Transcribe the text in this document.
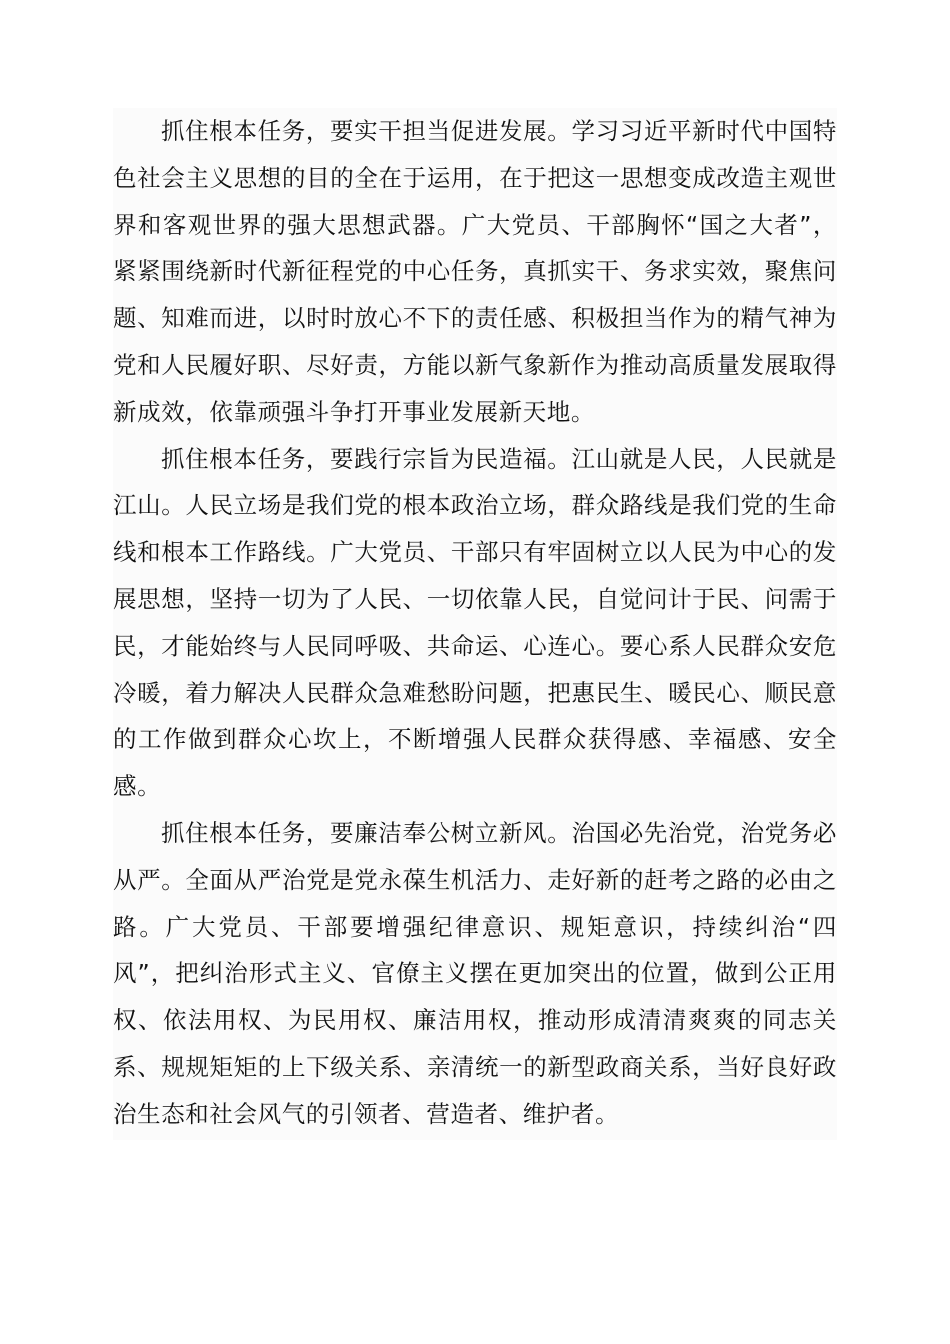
抓住根本任务，要实干担当促进发展。学习习近平新时代中国特色社会主义思想的目的全在于运用，在于把这一思想变成改造主观世界和客观世界的强大思想武器。广大党员、干部胸怀“国之大者”，紧紧围绕新时代新征程党的中心任务，真抓实干、务求实效，聚焦问题、知难而进，以时时放心不下的责任感、积极担当作为的精气神为党和人民履好职、尽好责，方能以新气象新作为推动高质量发展取得新成效，依靠顽强斗争打开事业发展新天地。

抓住根本任务，要践行宗旨为民造福。江山就是人民，人民就是江山。人民立场是我们党的根本政治立场，群众路线是我们党的生命线和根本工作路线。广大党员、干部只有牢固树立以人民为中心的发展思想，坚持一切为了人民、一切依靠人民，自觉问计于民、问需于民，才能始终与人民同呼吸、共命运、心连心。要心系人民群众安危冷暖，着力解决人民群众急难愁盼问题，把惠民生、暖民心、顺民意的工作做到群众心坎上，不断增强人民群众获得感、幸福感、安全感。

抓住根本任务，要廉洁奉公树立新风。治国必先治党，治党务必从严。全面从严治党是党永葆生机活力、走好新的赶考之路的必由之路。广大党员、干部要增强纪律意识、规矩意识，持续纠治“四风”，把纠治形式主义、官僚主义摆在更加突出的位置，做到公正用权、依法用权、为民用权、廉洁用权，推动形成清清爽爽的同志关系、规规矩矩的上下级关系、亲清统一的新型政商关系，当好良好政治生态和社会风气的引领者、营造者、维护者。
